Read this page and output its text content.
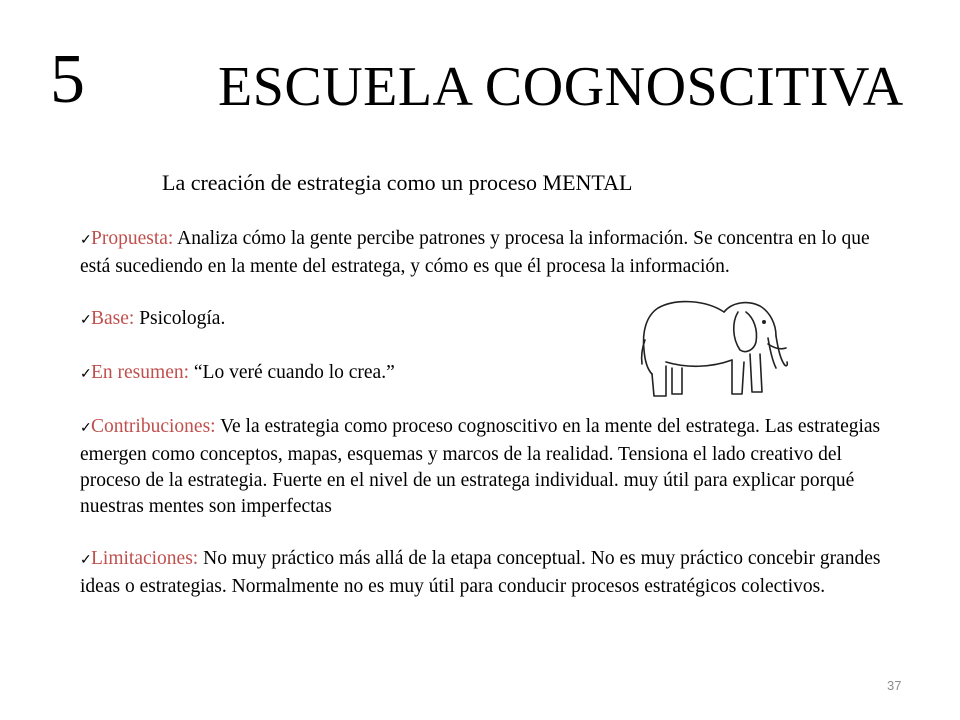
5 ESCUELA COGNOSCITIVA
La creación de estrategia como un proceso MENTAL
✓Propuesta: Analiza cómo la gente percibe patrones y procesa la información. Se concentra en lo que está sucediendo en la mente del estratega, y cómo es que él procesa la información.
✓Base: Psicología.
✓En resumen: “Lo veré cuando lo crea.”
✓Contribuciones: Ve la estrategia como proceso cognoscitivo en la mente del estratega. Las estrategias emergen como conceptos, mapas, esquemas y marcos de la realidad. Tensiona el lado creativo del proceso de la estrategia. Fuerte en el nivel de un estratega individual. muy útil para explicar porqué nuestras mentes son imperfectas
✓Limitaciones: No muy práctico más allá de la etapa conceptual. No es muy práctico concebir grandes ideas o estrategias. Normalmente no es muy útil para conducir procesos estratégicos colectivos.
37
